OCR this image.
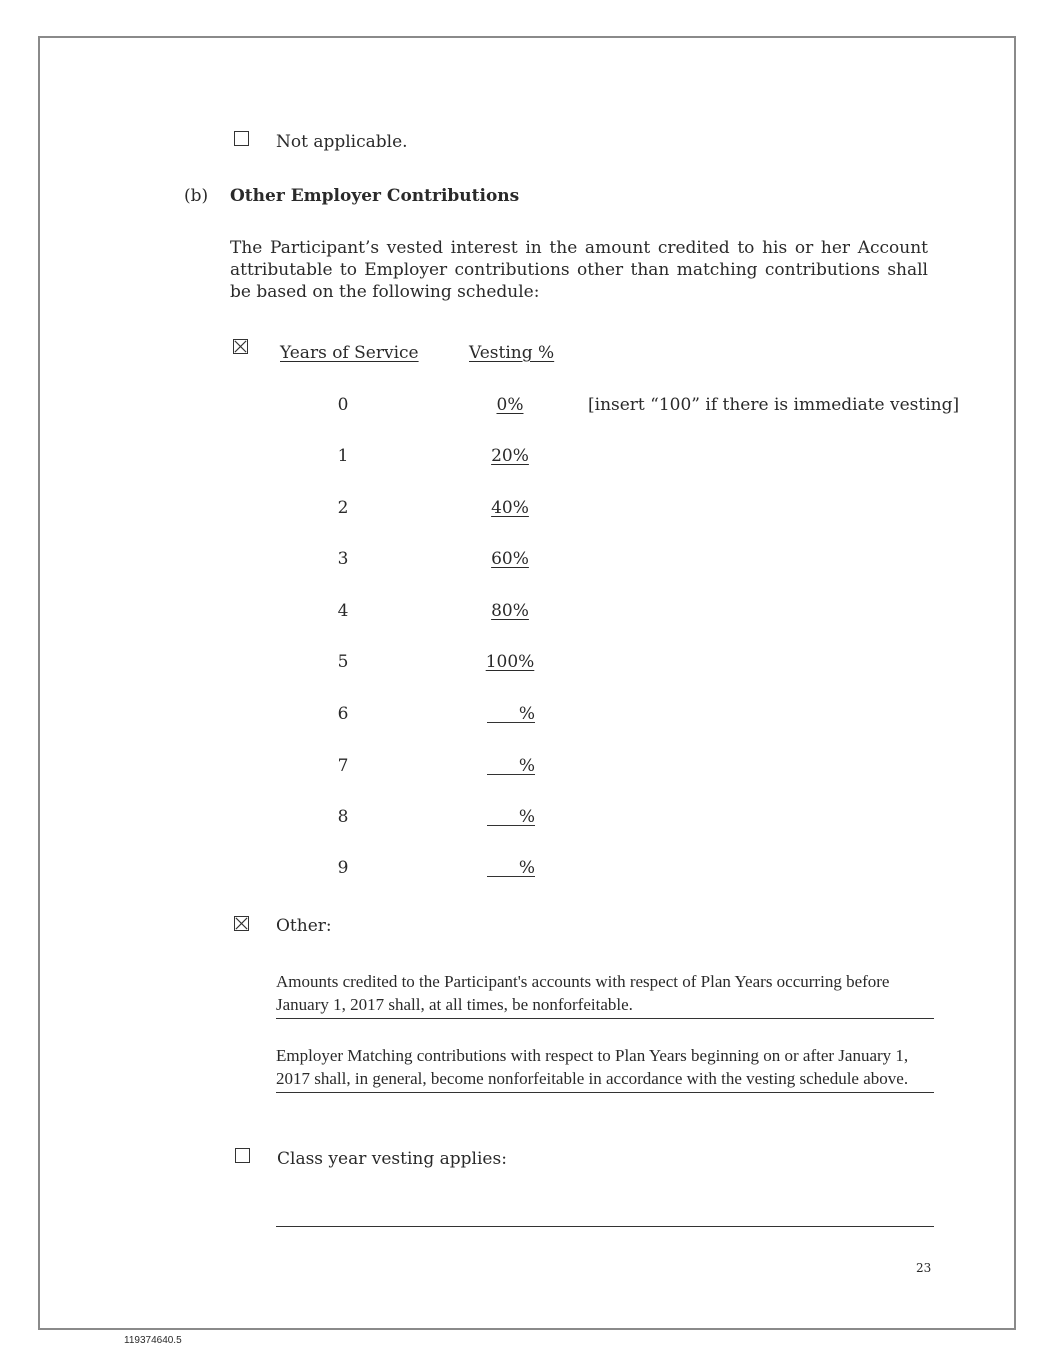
Not applicable.
(b) Other Employer Contributions
The Participant’s vested interest in the amount credited to his or her Account attributable to Employer contributions other than matching contributions shall be based on the following schedule:
Years of Service	Vesting %
[insert “100” if there is immediate vesting]
0	0%
1	20%
2	40%
3	60%
4	80%
5	100%
6	%
7	%
8	%
9	%
Other:
Amounts credited to the Participant's accounts with respect of Plan Years occurring before January 1, 2017 shall, at all times, be nonforfeitable.
Employer Matching contributions with respect to Plan Years beginning on or after January 1, 2017 shall, in general, become nonforfeitable in accordance with the vesting schedule above.
Class year vesting applies:
23
119374640.5
